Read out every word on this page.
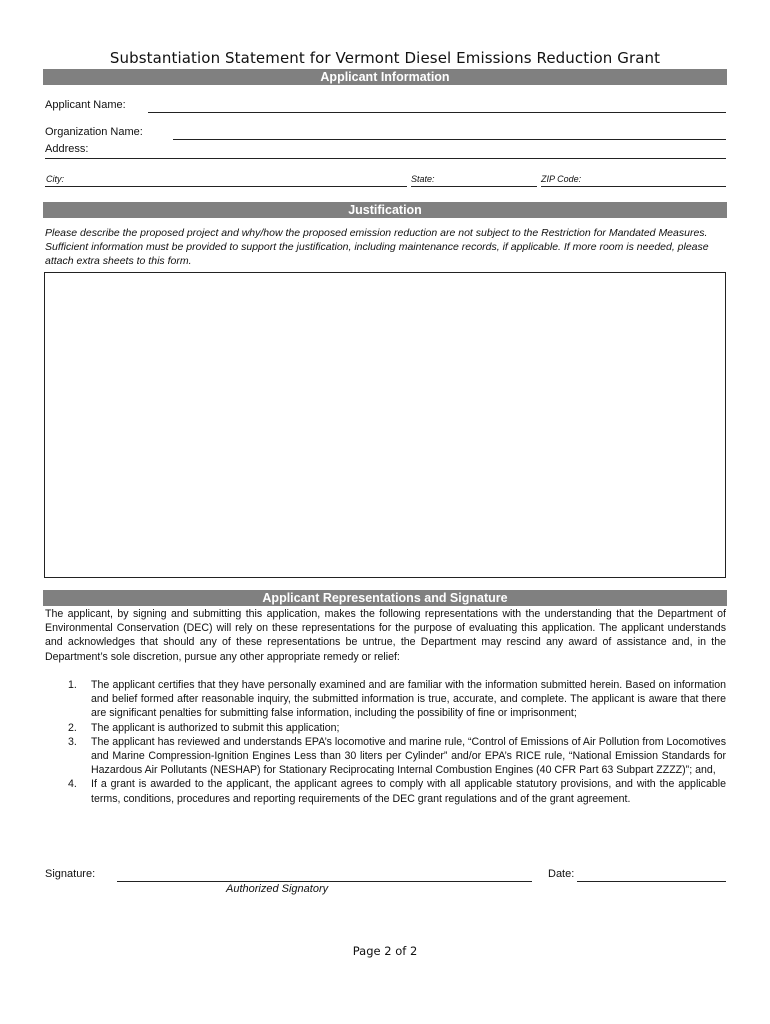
Substantiation Statement for Vermont Diesel Emissions Reduction Grant
Applicant Information
Applicant Name:
Organization Name:
Address:
City:	State:	ZIP Code:
Justification
Please describe the proposed project and why/how the proposed emission reduction are not subject to the Restriction for Mandated Measures. Sufficient information must be provided to support the justification, including maintenance records, if applicable. If more room is needed, please attach extra sheets to this form.
Applicant Representations and Signature
The applicant, by signing and submitting this application, makes the following representations with the understanding that the Department of Environmental Conservation (DEC) will rely on these representations for the purpose of evaluating this application. The applicant understands and acknowledges that should any of these representations be untrue, the Department may rescind any award of assistance and, in the Department’s sole discretion, pursue any other appropriate remedy or relief:
1. The applicant certifies that they have personally examined and are familiar with the information submitted herein. Based on information and belief formed after reasonable inquiry, the submitted information is true, accurate, and complete. The applicant is aware that there are significant penalties for submitting false information, including the possibility of fine or imprisonment;
2. The applicant is authorized to submit this application;
3. The applicant has reviewed and understands EPA’s locomotive and marine rule, “Control of Emissions of Air Pollution from Locomotives and Marine Compression-Ignition Engines Less than 30 liters per Cylinder” and/or EPA’s RICE rule, “National Emission Standards for Hazardous Air Pollutants (NESHAP) for Stationary Reciprocating Internal Combustion Engines (40 CFR Part 63 Subpart ZZZZ)”; and,
4. If a grant is awarded to the applicant, the applicant agrees to comply with all applicable statutory provisions, and with the applicable terms, conditions, procedures and reporting requirements of the DEC grant regulations and of the grant agreement.
Signature:
Authorized Signatory
Date:
Page 2 of 2
